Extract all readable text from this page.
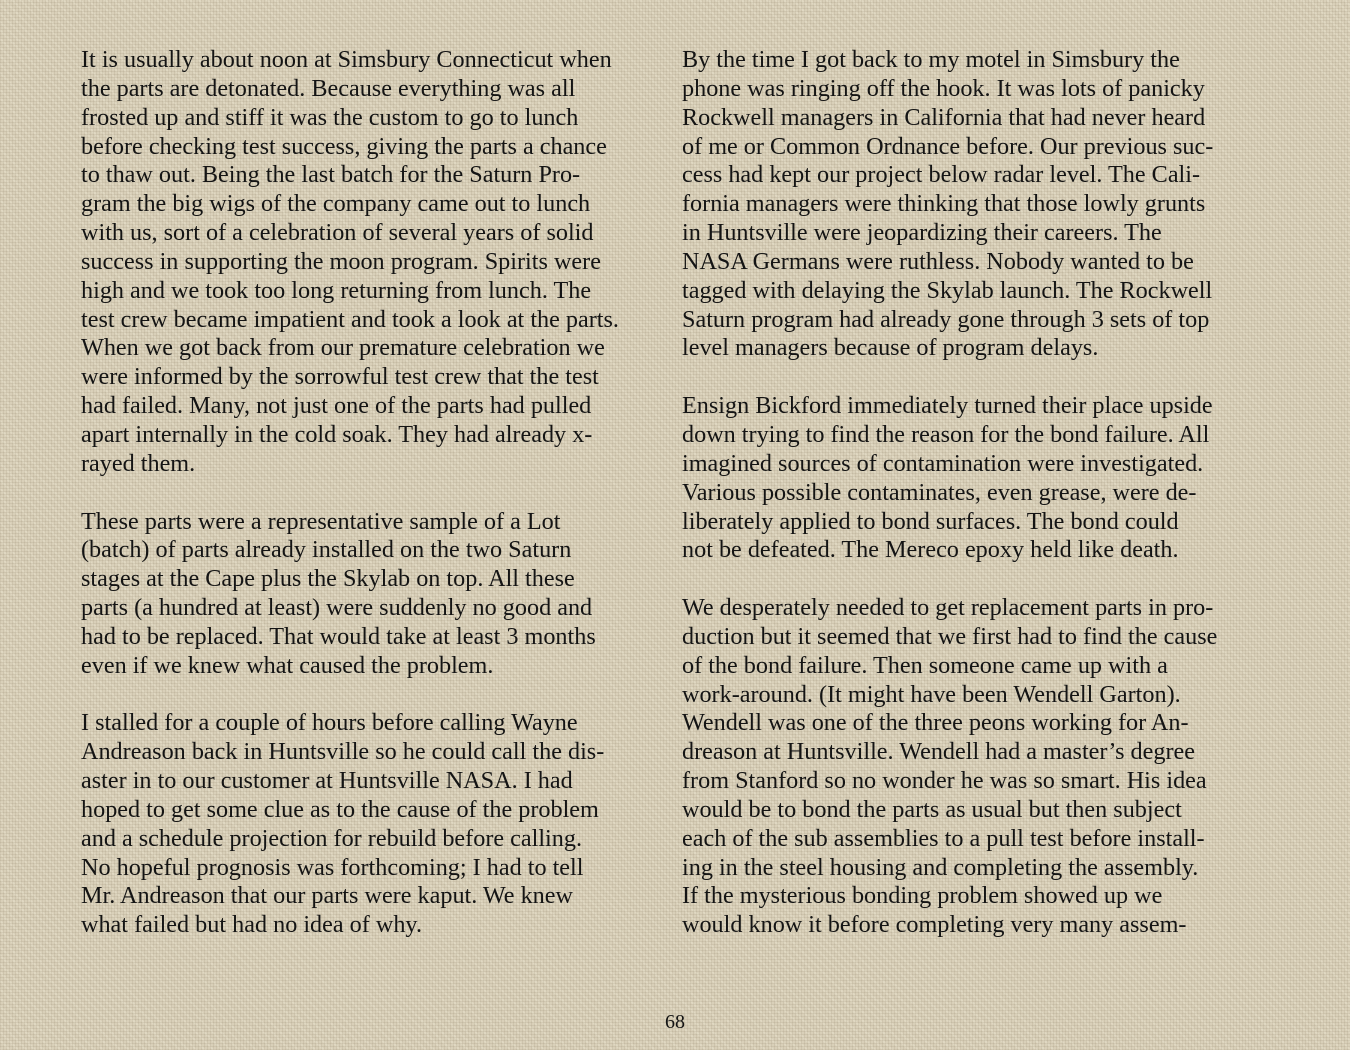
It is usually about noon at Simsbury Connecticut when
the parts are detonated. Because everything was all
frosted up and stiff it was the custom to go to lunch
before checking test success, giving the parts a chance
to thaw out. Being the last batch for the Saturn Pro-
gram the big wigs of the company came out to lunch
with us, sort of a celebration of several years of solid
success in supporting the moon program. Spirits were
high and we took too long returning from lunch. The
test crew became impatient and took a look at the parts.
When we got back from our premature celebration we
were informed by the sorrowful test crew that the test
had failed. Many, not just one of the parts had pulled
apart internally in the cold soak. They had already x-
rayed them.
These parts were a representative sample of a Lot
(batch) of parts already installed on the two Saturn
stages at the Cape plus the Skylab on top. All these
parts (a hundred at least) were suddenly no good and
had to be replaced. That would take at least 3 months
even if we knew what caused the problem.
I stalled for a couple of hours before calling Wayne
Andreason back in Huntsville so he could call the dis-
aster in to our customer at Huntsville NASA. I had
hoped to get some clue as to the cause of the problem
and a schedule projection for rebuild before calling.
No hopeful prognosis was forthcoming; I had to tell
Mr. Andreason that our parts were kaput. We knew
what failed but had no idea of why.
By the time I got back to my motel in Simsbury the
phone was ringing off the hook. It was lots of panicky
Rockwell managers in California that had never heard
of me or Common Ordnance before. Our previous suc-
cess had kept our project below radar level. The Cali-
fornia managers were thinking that those lowly grunts
in Huntsville were jeopardizing their careers. The
NASA Germans were ruthless. Nobody wanted to be
tagged with delaying the Skylab launch. The Rockwell
Saturn program had already gone through 3 sets of top
level managers because of program delays.
Ensign Bickford immediately turned their place upside
down trying to find the reason for the bond failure. All
imagined sources of contamination were investigated.
Various possible contaminates, even grease, were de-
liberately applied to bond surfaces. The bond could
not be defeated. The Mereco epoxy held like death.
We desperately needed to get replacement parts in pro-
duction but it seemed that we first had to find the cause
of the bond failure. Then someone came up with a
work-around. (It might have been Wendell Garton).
Wendell was one of the three peons working for An-
dreason at Huntsville. Wendell had a master’s degree
from Stanford so no wonder he was so smart. His idea
would be to bond the parts as usual but then subject
each of the sub assemblies to a pull test before install-
ing in the steel housing and completing the assembly.
If the mysterious bonding problem showed up we
would know it before completing very many assem-
68
